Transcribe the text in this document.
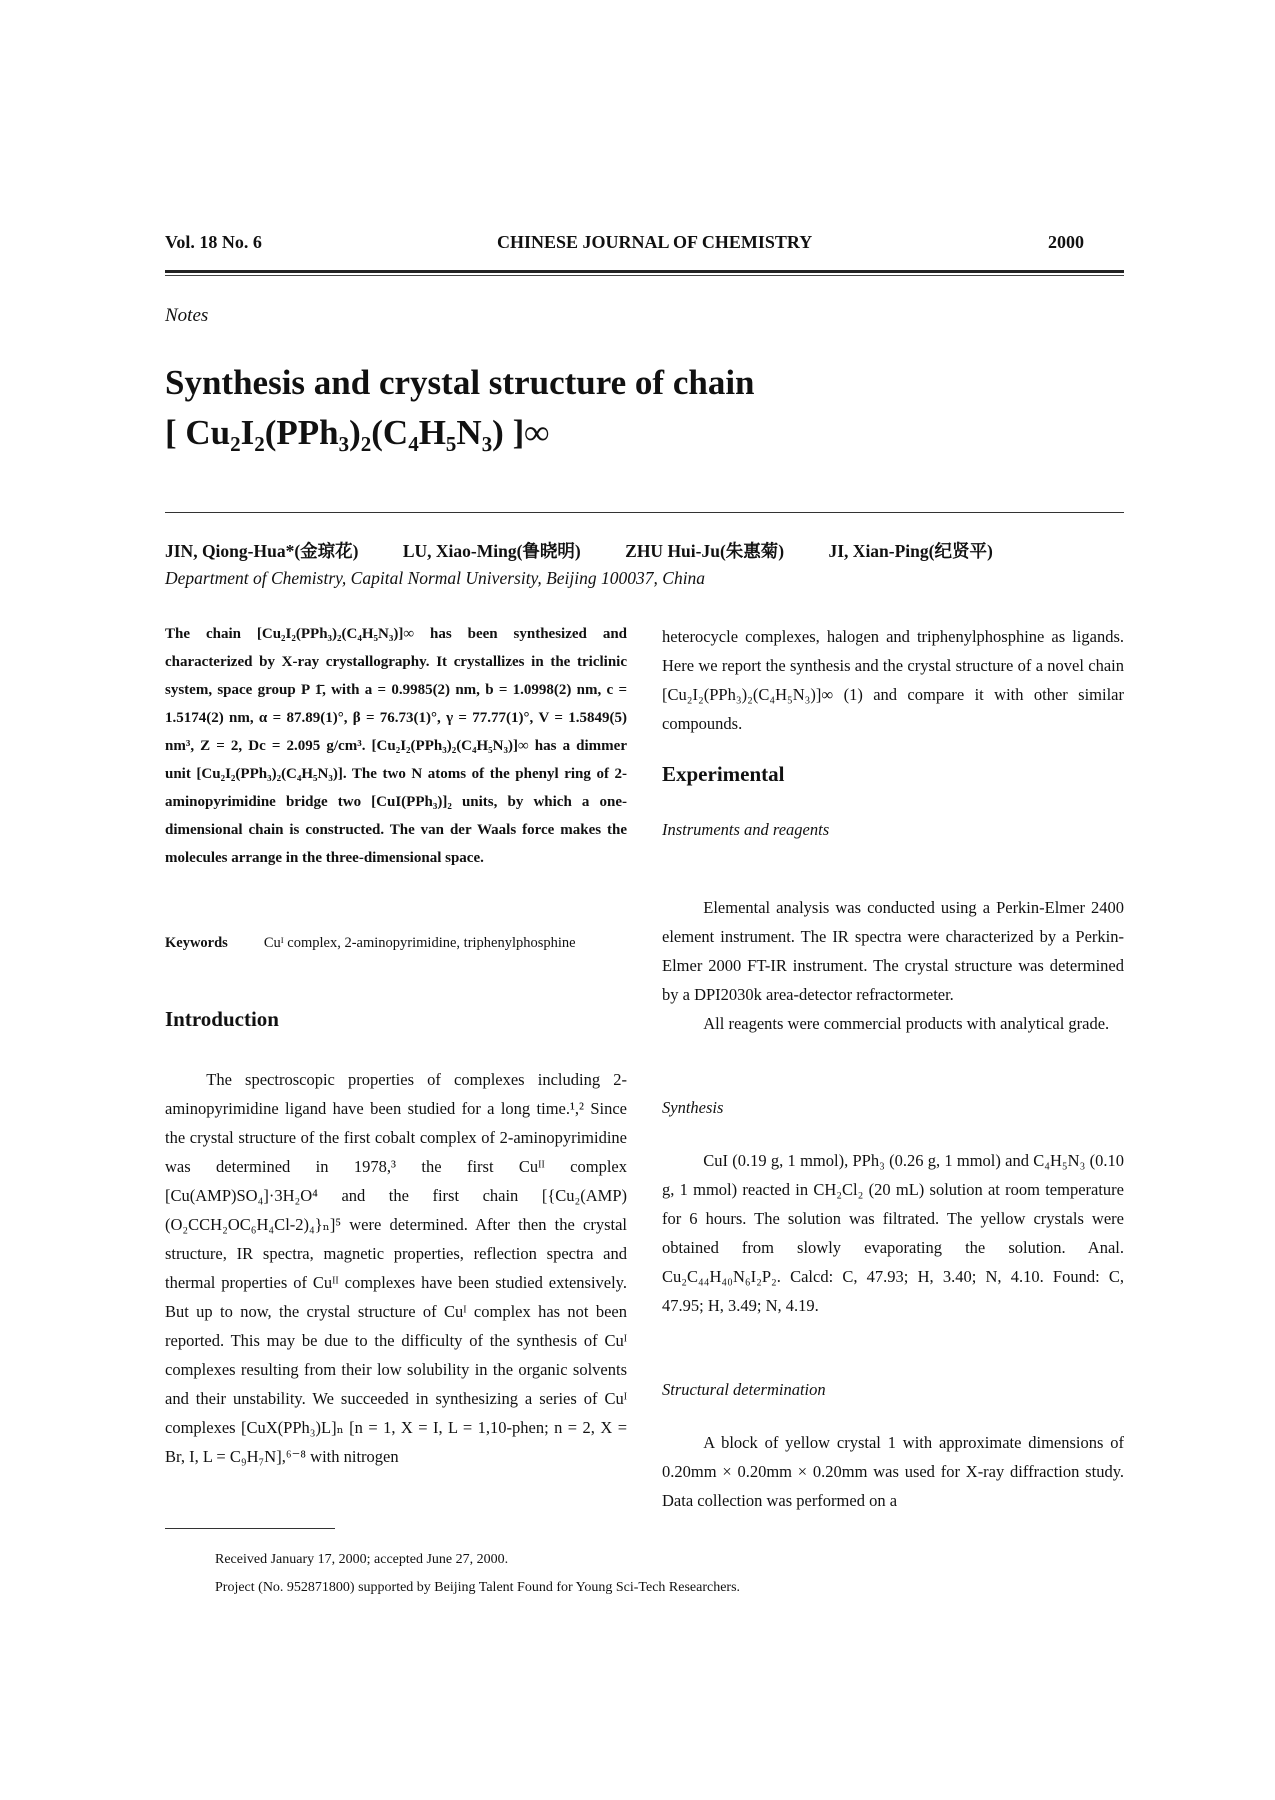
Vol. 18 No. 6	CHINESE JOURNAL OF CHEMISTRY	2000
Notes
Synthesis and crystal structure of chain
[ Cu₂I₂(PPh₃)₂(C₄H₅N₃) ]∞
JIN, Qiong-Hua*(金琼花)	LU, Xiao-Ming(鲁晓明)	ZHU Hui-Ju(朱惠菊)	JI, Xian-Ping(纪贤平)
Department of Chemistry, Capital Normal University, Beijing 100037, China
The chain [Cu₂I₂(PPh₃)₂(C₄H₅N₃)]∞ has been synthesized and characterized by X-ray crystallography. It crystallizes in the triclinic system, space group P 1̄, with a = 0.9985(2) nm, b = 1.0998(2) nm, c = 1.5174(2) nm, α = 87.89(1)°, β = 76.73(1)°, γ = 77.77(1)°, V = 1.5849(5) nm³, Z = 2, Dc = 2.095 g/cm³. [Cu₂I₂(PPh₃)₂(C₄H₅N₃)]∞ has a dimmer unit [Cu₂I₂(PPh₃)₂(C₄H₅N₃)]. The two N atoms of the phenyl ring of 2-aminopyrimidine bridge two [CuI(PPh₃)]₂ units, by which a one-dimensional chain is constructed. The van der Waals force makes the molecules arrange in the three-dimensional space.
Keywords Cuᴵ complex, 2-aminopyrimidine, triphenylphosphine
Introduction

The spectroscopic properties of complexes including 2-aminopyrimidine ligand have been studied for a long time.¹,² Since the crystal structure of the first cobalt complex of 2-aminopyrimidine was determined in 1978,³ the first Cuᴵᴵ complex [Cu(AMP)SO₄]·3H₂O⁴ and the first chain [{Cu₂(AMP)(O₂CCH₂OC₆H₄Cl-2)₄}ₙ]⁵ were determined. After then the crystal structure, IR spectra, magnetic properties, reflection spectra and thermal properties of Cuᴵᴵ complexes have been studied extensively. But up to now, the crystal structure of Cuᴵ complex has not been reported. This may be due to the difficulty of the synthesis of Cuᴵ complexes resulting from their low solubility in the organic solvents and their unstability. We succeeded in synthesizing a series of Cuᴵ complexes [CuX(PPh₃)L]ₙ [n = 1, X = I, L = 1,10-phen; n = 2, X = Br, I, L = C₉H₇N],⁶⁻⁸ with nitrogen

heterocycle complexes, halogen and triphenylphosphine as ligands. Here we report the synthesis and the crystal structure of a novel chain [Cu₂I₂(PPh₃)₂(C₄H₅N₃)]∞ (1) and compare it with other similar compounds.

Experimental
Instruments and reagents

Elemental analysis was conducted using a Perkin-Elmer 2400 element instrument. The IR spectra were characterized by a Perkin-Elmer 2000 FT-IR instrument. The crystal structure was determined by a DPI2030k area-detector refractormeter.

All reagents were commercial products with analytical grade.

Synthesis

CuI (0.19 g, 1 mmol), PPh₃ (0.26 g, 1 mmol) and C₄H₅N₃ (0.10 g, 1 mmol) reacted in CH₂Cl₂ (20 mL) solution at room temperature for 6 hours. The solution was filtrated. The yellow crystals were obtained from slowly evaporating the solution. Anal. Cu₂C₄₄H₄₀N₆I₂P₂. Calcd: C, 47.93; H, 3.40; N, 4.10. Found: C, 47.95; H, 3.49; N, 4.19.

Structural determination

A block of yellow crystal 1 with approximate dimensions of 0.20mm × 0.20mm × 0.20mm was used for X-ray diffraction study. Data collection was performed on a

Received January 17, 2000; accepted June 27, 2000.
Project (No. 952871800) supported by Beijing Talent Found for Young Sci-Tech Researchers.
